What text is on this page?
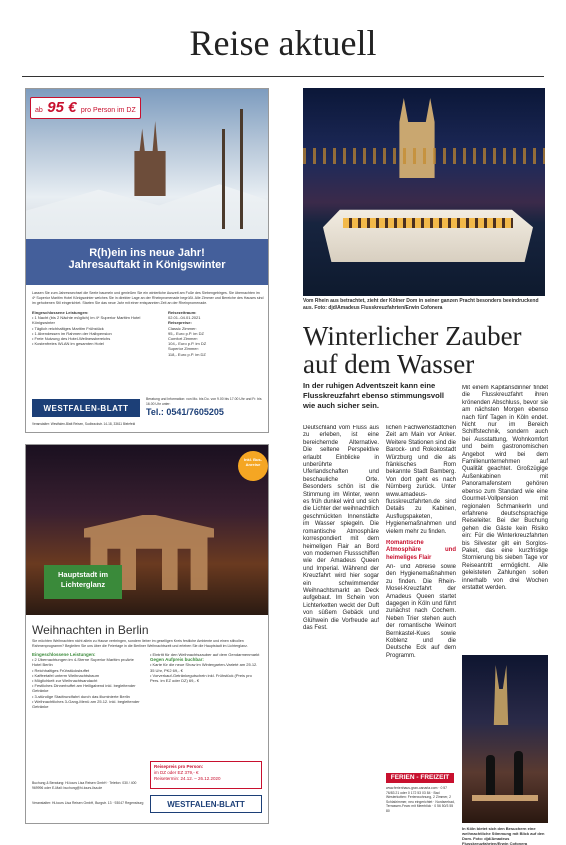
Reise aktuell
ab 95 € pro Person im DZ
R(h)ein ins neue Jahr!
Jahresauftakt in Königswinter
Lassen Sie zum Jahreswechsel die Seele baumeln und genießen Sie ein winterliche Auszeit am Fuße des Siebengebirges. Sie übernachten im 4* Superior Maritim Hotel Königswinter welches Sie in direkter Lage an der Rheinpromenade begrüßt. Alle Zimmer und Bereiche des Hauses sind im gehobenen Stil eingerichtet. Starten Sie das neue Jahr mit einer entspannten Zeit an der Rheinpromenade.
Eingeschlossene Leistungen:
• 1 Nacht (bis 2 Nächte möglich) im 4* Superior Maritim Hotel Königswinter
• Täglich reichhaltiges Maritim Frühstück
• 1 Abendessen im Rahmen der Halbpension
• Freie Nutzung des Hotel-Wellnessbereichs
• Kostenfreies WLAN im gesamten Hotel
Reisezeitraum:
02.01.-04.01.2021
Reisepreise:
Classic Zimmer:
95,- Euro p.P. im DZ
Comfort Zimmer:
104,- Euro p.P. im DZ
Superior Zimmer:
118,- Euro p.P. im DZ
Beratung und Information: von Mo. bis Do. von 9.00 bis 17.00 Uhr und Fr. bis 16.00 Uhr unter:
WESTFALEN-BLATT	Tel.: 0541/7605205
Veranstalter: Westfalen-Blatt Reisen, Sudbrackstr. 14-18, 33611 Bielefeld
Inkl. Bus-Anreise
Hauptstadt im
Lichterglanz
Weihnachten in Berlin
Sie möchten Weihnachten nicht allein zu Hause verbringen, sondern lieber im geselligen Kreis festliche Ambiente und einen stilvollen Rahmenprogramm? Begleiten Sie uns über die Feiertage in die Berliner Weihnachtszeit und erleben Sie die Hauptstadt im Lichterglanz.
Eingeschlossene Leistungen:
• 2 Übernachtungen im 4-Sterne Superior Maritim proArte Hotel Berlin
• Reichhaltiges Frühstücksbuffet
• Kaffeetafel unterm Weihnachtsbaum
• Möglichkeit zur Weihnachtsandacht
• Festliches Dinnerbuffet am Heiligabend inkl. begleitender Getränke
• 3-stündige Stadtrundfahrt durch das illuminierte Berlin
• Weihnachtliches 3-Gang-Menü am 25.12. inkl. begleitender Getränke
• Eintritt für den Weihnachtszauber auf dem Gendarmenmarkt
Gegen Aufpreis buchbar:
• Karte für die neue Show im Wintergarten-Varieté am 25.12. 35 Uhr, PK2 69,- €
• Vorverkauf-Getränkegutschein inkl. Frühstück (Preis pro Pers. im EZ oder DZ) 69,- €
Reisepreis pro Person:
im DZ oder EZ 379,- €
Reisetermin: 24.12. – 26.12.2020
Buchung & Beratung: Hi-tours Lisa Reisen GmbH · Telefon: 030 / 400 969996 oder E-Mail: buchung@hi-tours-lisa.de
Veranstalter: Hi-tours Lisa Reisen GmbH, Burgstr. 13 · 93047 Regensburg	WESTFALEN-BLATT
Vom Rhein aus betrachtet, zieht der Kölner Dom in seiner ganzen Pracht besonders beeindruckend aus. Foto: djd/Amadeus Flusskreuzfahrten/Erwin Cofonera
Winterlicher Zauber
auf dem Wasser
In der ruhigen Adventszeit kann eine Flusskreuzfahrt ebenso stimmungsvoll wie auch sicher sein.
Deutschland vom Fluss aus zu erleben, ist eine bereichernde Alternative. Die seltene Perspektive erlaubt Einblicke in unberührte Uferlandschaften und beschauliche Orte. Besonders schön ist die Stimmung im Winter, wenn es früh dunkel wird und sich die Lichter der weihnachtlich geschmückten Innenstädte im Wasser spiegeln. Die romantische Atmosphäre korrespondiert mit dem heimeligen Flair an Bord von modernen Flussschiffen wie der Amadeus Queen und Imperial. Während der Kreuzfahrt wird hier sogar ein schwimmender Weihnachtsmarkt an Deck aufgebaut. Im Schein von Lichterketten weckt der Duft von süßem Gebäck und Glühwein die Vorfreude auf das Fest.
lichen Fachwerkstädtchen Zeit am Main vor Anker. Weitere Stationen sind die Barock- und Rokokostadt Würzburg und die als fränkisches Rom bekannte Stadt Bamberg. Von dort geht es nach Nürnberg zurück. Unter www.amadeus-flusskreuzfahrten.de sind Details zu Kabinen, Ausflugspaketen, Hygienemaßnahmen und vielem mehr zu finden.
Romantische Atmosphäre und heimeliges Flair
An- und Abreise sowie den Hygienemaßnahmen zu finden. Die Rhein-Mosel-Kreuzfahrt der Amadeus Queen startet dagegen in Köln und führt zunächst nach Cochem. Neben Trier stehen auch der romantische Weinort Bernkastel-Kues sowie Koblenz und die Deutsche Eck auf dem Programm.
Mit einem Kapitänsdinner findet die Flusskreuzfahrt ihren krönenden Abschluss, bevor sie am nächsten Morgen ebenso nach fünf Tagen in Köln endet. Nicht nur im Bereich Schiffstechnik, sondern auch bei Ausstattung, Wohnkomfort und beim gastronomischen Angebot wird bei dem Familienunternehmen auf Qualität geachtet. Großzügige Außenkabinen mit Panoramafenstern gehören ebenso zum Standard wie eine Gourmet-Vollpension mit regionalen Schmankerln und erfahrene deutschsprachige Reiseleiter. Bei der Buchung gehen die Gäste kein Risiko ein: Für die Winterkreuzfahrten bis Silvester gilt ein Sorglos-Paket, das eine kurzfristige Stornierung bis sieben Tage vor Reiseantritt ermöglicht. Alle geleisteten Zahlungen sollen innerhalb von drei Wochen erstattet werden.
FERIEN - FREIZEIT
www.ferienhaus-gran-canaria.com · 0 57 76/83 21 oder 0 172 53 03 84 · Bad Westerkotten: Ferienwohnung, 2 Zimmer, 2 Schlafzimmer, neu eingerichtet · Nordseebad, Terrassen-Fewo mit Meerblick · 0 56 50/3 55 80
In Köln bietet sich den Besuchern eine weihnachtliche Stimmung mit Blick auf den Dom. Foto: djd/Amadeus Flusskreuzfahrten/Erwin Cofonera
